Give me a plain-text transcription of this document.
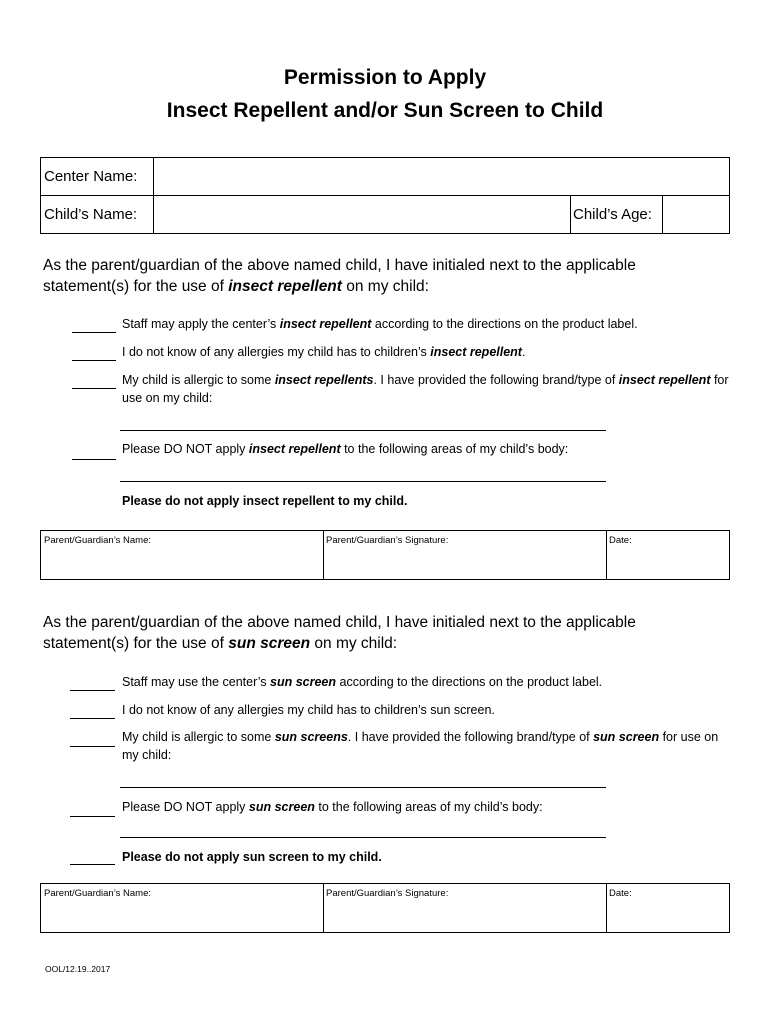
Permission to Apply
Insect Repellent and/or Sun Screen to Child
Center Name:
Child’s Name:	Child’s Age:
As the parent/guardian of the above named child, I have initialed next to the applicable statement(s) for the use of insect repellent on my child:
Staff may apply the center’s insect repellent according to the directions on the product label.
I do not know of any allergies my child has to children’s insect repellent.
My child is allergic to some insect repellents. I have provided the following brand/type of insect repellent for use on my child:
Please DO NOT apply insect repellent to the following areas of my child’s body:
Please do not apply insect repellent to my child.
Parent/Guardian’s Name:	Parent/Guardian’s Signature:	Date:
As the parent/guardian of the above named child, I have initialed next to the applicable statement(s) for the use of sun screen on my child:
Staff may use the center’s sun screen according to the directions on the product label.
I do not know of any allergies my child has to children’s sun screen.
My child is allergic to some sun screens. I have provided the following brand/type of sun screen for use on my child:
Please DO NOT apply sun screen to the following areas of my child’s body:
Please do not apply sun screen to my child.
Parent/Guardian’s Name:	Parent/Guardian’s Signature:	Date:
OOL/12.19..2017
